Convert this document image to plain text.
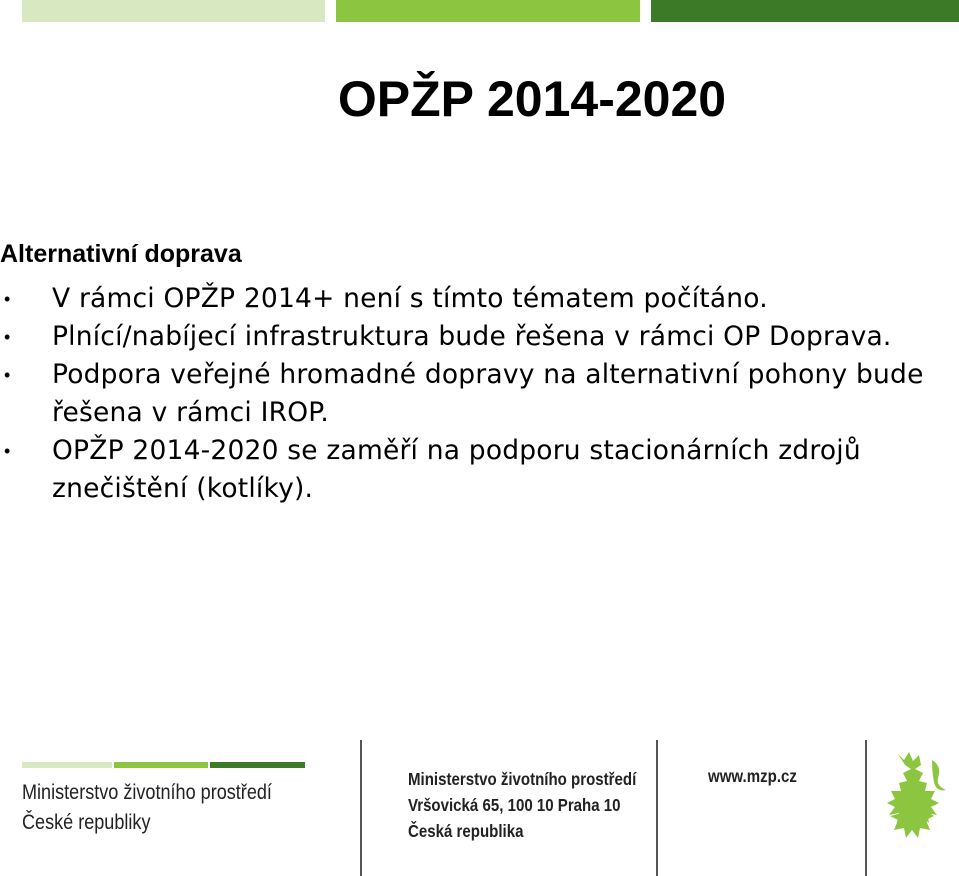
OPŽP 2014-2020
Alternativní doprava
• V rámci OPŽP 2014+ není s tímto tématem počítáno.
• Plnící/nabíjecí infrastruktura bude řešena v rámci OP Doprava.
• Podpora veřejné hromadné dopravy na alternativní pohony bude řešena v rámci IROP.
• OPŽP 2014-2020 se zaměří na podporu stacionárních zdrojů znečištění (kotlíky).
Ministerstvo životního prostředí
České republiky
Ministerstvo životního prostředí
Vršovická 65, 100 10 Praha 10
Česká republika
www.mzp.cz
